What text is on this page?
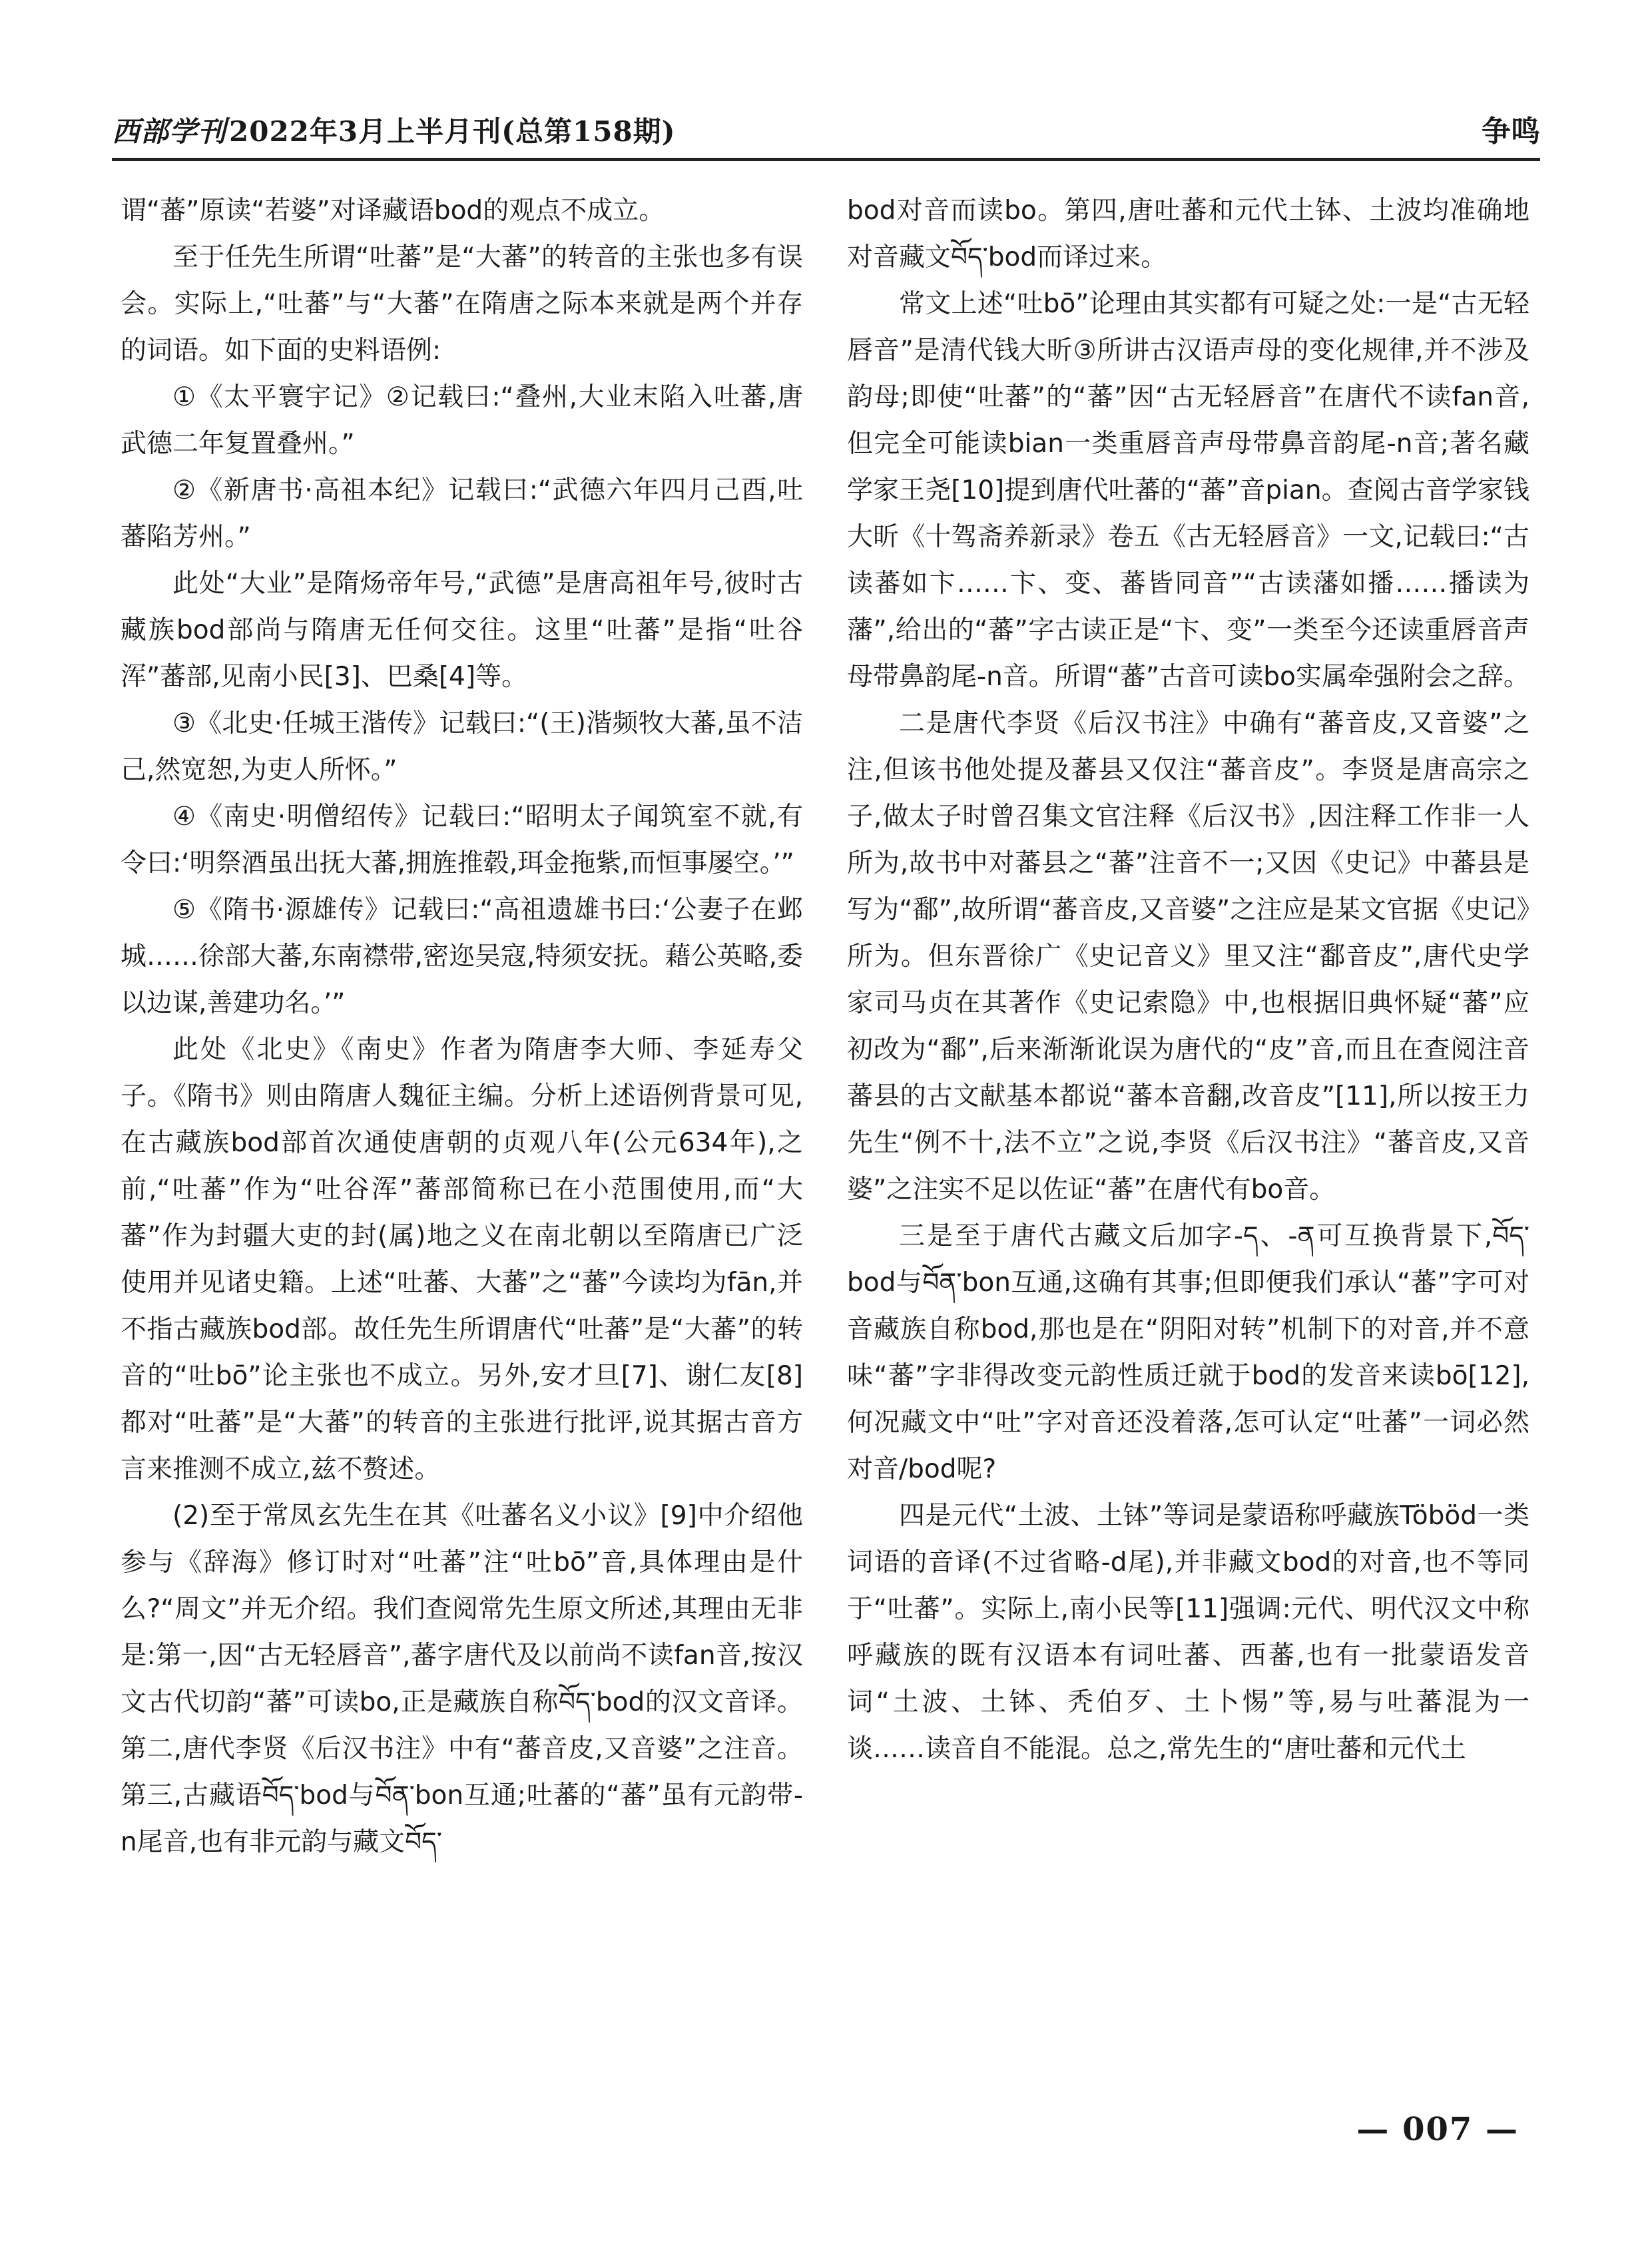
西部学刊2022年3月上半月刊(总第158期)	争鸣

谓“蕃”原读“若婆”对译藏语bod的观点不成立。

至于任先生所谓“吐蕃”是“大蕃”的转音的主张也多有误会。实际上,“吐蕃”与“大蕃”在隋唐之际本来就是两个并存的词语。如下面的史料语例:

①《太平寰宇记》②记载曰:“叠州,大业末陷入吐蕃,唐武德二年复置叠州。”

②《新唐书·高祖本纪》记载曰:“武德六年四月己酉,吐蕃陷芳州。”

此处“大业”是隋炀帝年号,“武德”是唐高祖年号,彼时古藏族bod部尚与隋唐无任何交往。这里“吐蕃”是指“吐谷浑”蕃部,见南小民[3]、巴桑[4]等。

③《北史·任城王湝传》记载曰:“(王)湝频牧大蕃,虽不洁己,然宽恕,为吏人所怀。”

④《南史·明僧绍传》记载曰:“昭明太子闻筑室不就,有令曰:‘明祭酒虽出抚大蕃,拥旌推毂,珥金拖紫,而恒事屡空。’”

⑤《隋书·源雄传》记载曰:“高祖遗雄书曰:‘公妻子在邺城……徐部大蕃,东南襟带,密迩吴寇,特须安抚。藉公英略,委以边谋,善建功名。’”

此处《北史》《南史》作者为隋唐李大师、李延寿父子。《隋书》则由隋唐人魏征主编。分析上述语例背景可见,在古藏族bod部首次通使唐朝的贞观八年(公元634年),之前,“吐蕃”作为“吐谷浑”蕃部简称已在小范围使用,而“大蕃”作为封疆大吏的封(属)地之义在南北朝以至隋唐已广泛使用并见诸史籍。上述“吐蕃、大蕃”之“蕃”今读均为fān,并不指古藏族bod部。故任先生所谓唐代“吐蕃”是“大蕃”的转音的“吐bō”论主张也不成立。另外,安才旦[7]、谢仁友[8]都对“吐蕃”是“大蕃”的转音的主张进行批评,说其据古音方言来推测不成立,兹不赘述。

(2)至于常凤玄先生在其《吐蕃名义小议》[9]中介绍他参与《辞海》修订时对“吐蕃”注“吐bō”音,具体理由是什么?“周文”并无介绍。我们查阅常先生原文所述,其理由无非是:第一,因“古无轻唇音”,蕃字唐代及以前尚不读fan音,按汉文古代切韵“蕃”可读bo,正是藏族自称བོད་bod的汉文音译。第二,唐代李贤《后汉书注》中有“蕃音皮,又音婆”之注音。第三,古藏语བོད་bod与བོན་bon互通;吐蕃的“蕃”虽有元韵带-n尾音,也有非元韵与藏文བོད་

bod对音而读bo。第四,唐吐蕃和元代土钵、土波均准确地对音藏文བོད་bod而译过来。

常文上述“吐bō”论理由其实都有可疑之处:一是“古无轻唇音”是清代钱大昕③所讲古汉语声母的变化规律,并不涉及韵母;即使“吐蕃”的“蕃”因“古无轻唇音”在唐代不读fan音,但完全可能读bian一类重唇音声母带鼻音韵尾-n音;著名藏学家王尧[10]提到唐代吐蕃的“蕃”音pian。查阅古音学家钱大昕《十驾斋养新录》卷五《古无轻唇音》一文,记载曰:“古读蕃如卞……卞、变、蕃皆同音”“古读藩如播……播读为藩”,给出的“蕃”字古读正是“卞、变”一类至今还读重唇音声母带鼻韵尾-n音。所谓“蕃”古音可读bo实属牵强附会之辞。

二是唐代李贤《后汉书注》中确有“蕃音皮,又音婆”之注,但该书他处提及蕃县又仅注“蕃音皮”。李贤是唐高宗之子,做太子时曾召集文官注释《后汉书》,因注释工作非一人所为,故书中对蕃县之“蕃”注音不一;又因《史记》中蕃县是写为“鄱”,故所谓“蕃音皮,又音婆”之注应是某文官据《史记》所为。但东晋徐广《史记音义》里又注“鄱音皮”,唐代史学家司马贞在其著作《史记索隐》中,也根据旧典怀疑“蕃”应初改为“鄱”,后来渐渐讹误为唐代的“皮”音,而且在查阅注音蕃县的古文献基本都说“蕃本音翻,改音皮”[11],所以按王力先生“例不十,法不立”之说,李贤《后汉书注》“蕃音皮,又音婆”之注实不足以佐证“蕃”在唐代有bo音。

三是至于唐代古藏文后加字-ད、-ན可互换背景下,བོད་bod与བོན་bon互通,这确有其事;但即便我们承认“蕃”字可对音藏族自称bod,那也是在“阴阳对转”机制下的对音,并不意味“蕃”字非得改变元韵性质迁就于bod的发音来读bō[12],何况藏文中“吐”字对音还没着落,怎可认定“吐蕃”一词必然对音/bod呢?

四是元代“土波、土钵”等词是蒙语称呼藏族Töböd一类词语的音译(不过省略-d尾),并非藏文bod的对音,也不等同于“吐蕃”。实际上,南小民等[11]强调:元代、明代汉文中称呼藏族的既有汉语本有词吐蕃、西蕃,也有一批蒙语发音词“土波、土钵、秃伯歹、土卜惕”等,易与吐蕃混为一谈……读音自不能混。总之,常先生的“唐吐蕃和元代土

— 007 —
